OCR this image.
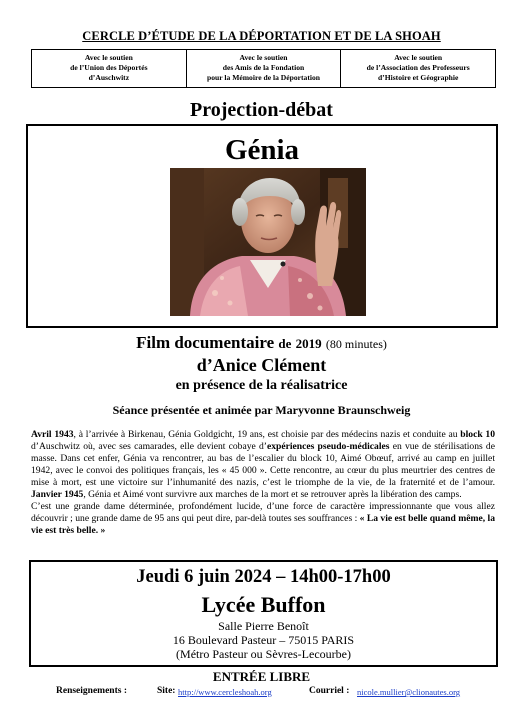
CERCLE D’ÉTUDE DE LA DÉPORTATION ET DE LA SHOAH
Avec le soutien
de l’Union des Déportés
d’Auschwitz
Avec le soutien
des Amis de la Fondation
pour la Mémoire de la Déportation
Avec le soutien
de l’Association des Professeurs
d’Histoire et Géographie
Projection-débat
Génia
Film documentaire de 2019 (80 minutes)
d’Anice Clément
en présence de la réalisatrice
Séance présentée et animée par Maryvonne Braunschweig

Avril 1943, à l’arrivée à Birkenau, Génia Goldgicht, 19 ans, est choisie par des médecins nazis et conduite au block 10 d’Auschwitz où, avec ses camarades, elle devient cobaye d’expériences pseudo-médicales en vue de stérilisations de masse. Dans cet enfer, Génia va rencontrer, au bas de l’escalier du block 10, Aimé Obœuf, arrivé au camp en juillet 1942, avec le convoi des politiques français, les « 45 000 ». Cette rencontre, au cœur du plus meurtrier des centres de mise à mort, est une victoire sur l’inhumanité des nazis, c’est le triomphe de la vie, de la fraternité et de l’amour. Janvier 1945, Génia et Aimé vont survivre aux marches de la mort et se retrouver après la libération des camps.

C’est une grande dame déterminée, profondément lucide, d’une force de caractère impressionnante que vous allez découvrir ; une grande dame de 95 ans qui peut dire, par-delà toutes ses souffrances : « La vie est belle quand même, la vie est très belle. »

Jeudi 6 juin 2024 – 14h00-17h00
Lycée Buffon
Salle Pierre Benoît
16 Boulevard Pasteur – 75015 PARIS
(Métro Pasteur ou Sèvres-Lecourbe)
ENTRÉE LIBRE
Renseignements :	Site: http://www.cercleshoah.org	Courriel : nicole.mullier@clionautes.org
